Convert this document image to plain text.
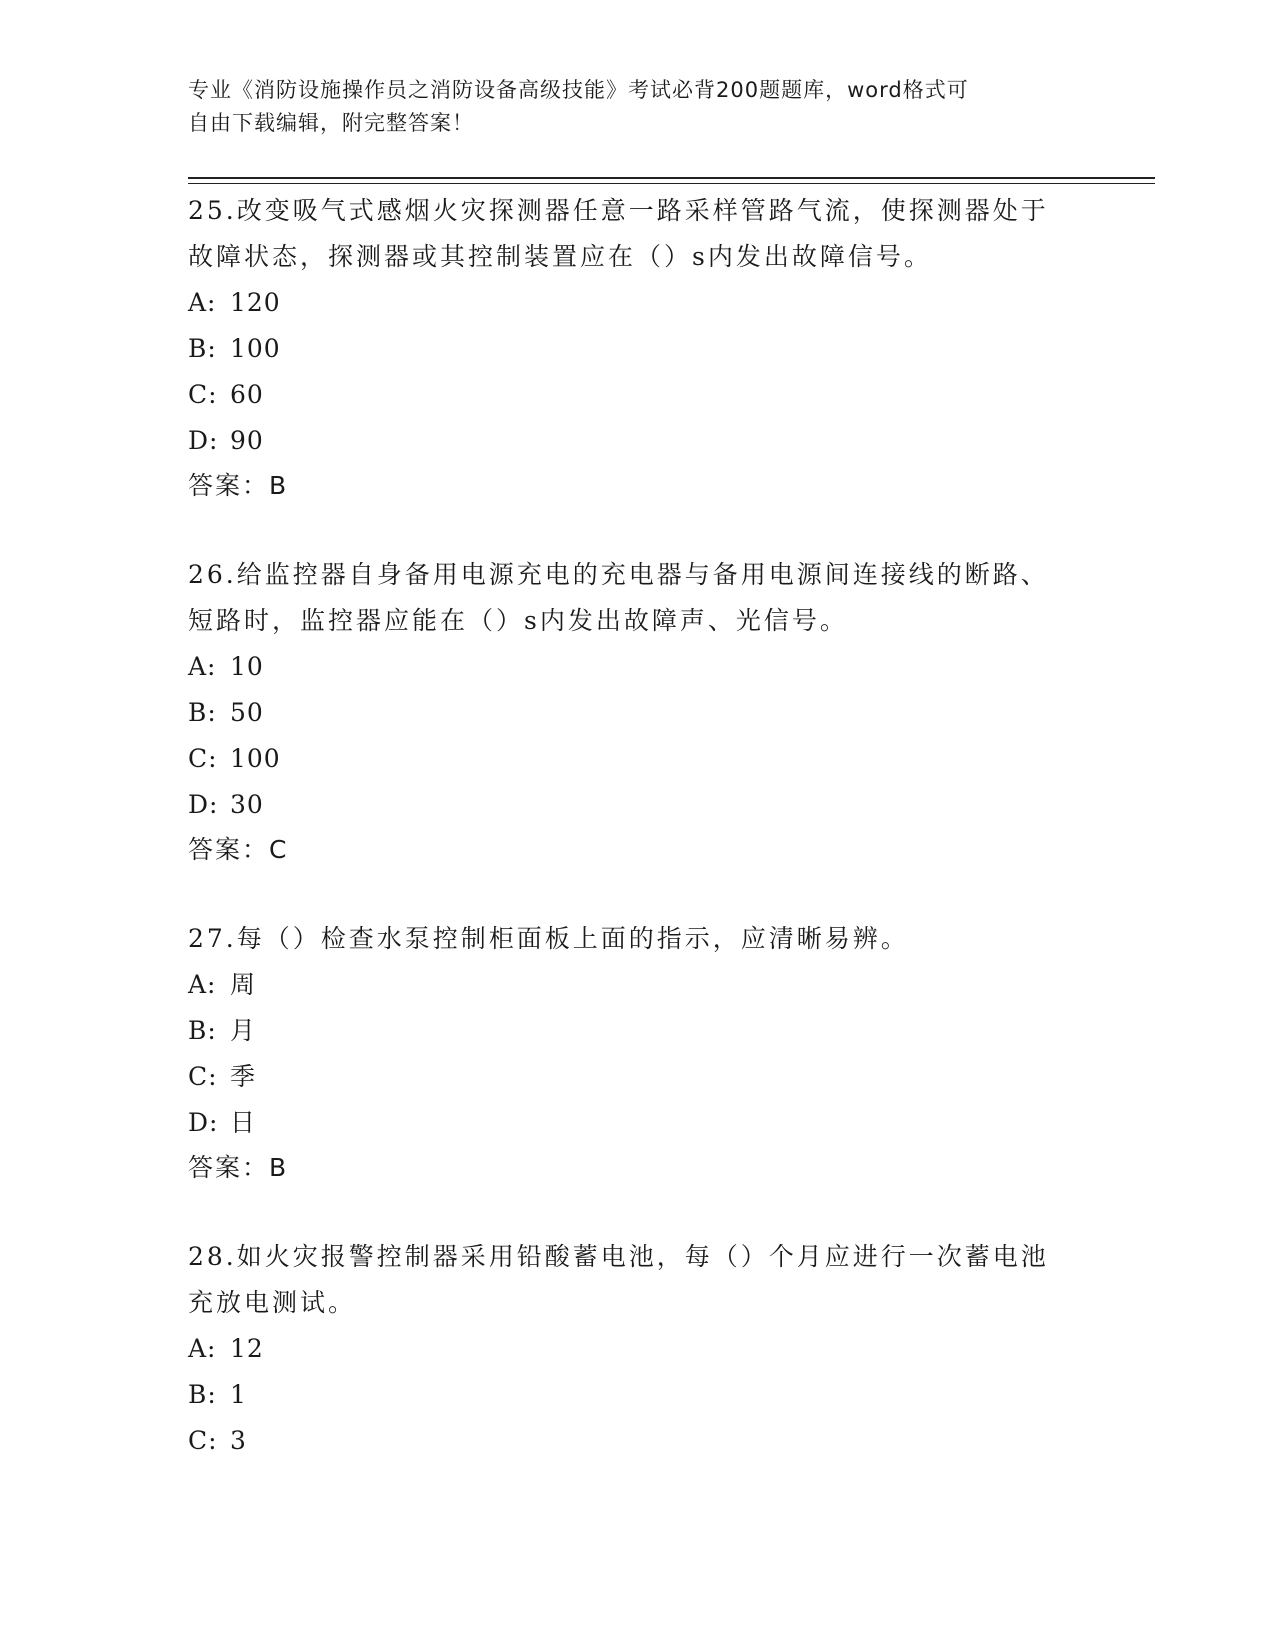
专业《消防设施操作员之消防设备高级技能》考试必背200题题库，word格式可
自由下载编辑，附完整答案！

25.改变吸气式感烟火灾探测器任意一路采样管路气流，使探测器处于

故障状态，探测器或其控制装置应在（）s内发出故障信号。

A: 120

B: 100

C: 60

D: 90

答案：B

26.给监控器自身备用电源充电的充电器与备用电源间连接线的断路、

短路时，监控器应能在（）s内发出故障声、光信号。

A: 10

B: 50

C: 100

D: 30

答案：C

27.每（）检查水泵控制柜面板上面的指示，应清晰易辨。

A: 周

B: 月

C: 季

D: 日

答案：B

28.如火灾报警控制器采用铅酸蓄电池，每（）个月应进行一次蓄电池

充放电测试。

A: 12

B: 1

C: 3
